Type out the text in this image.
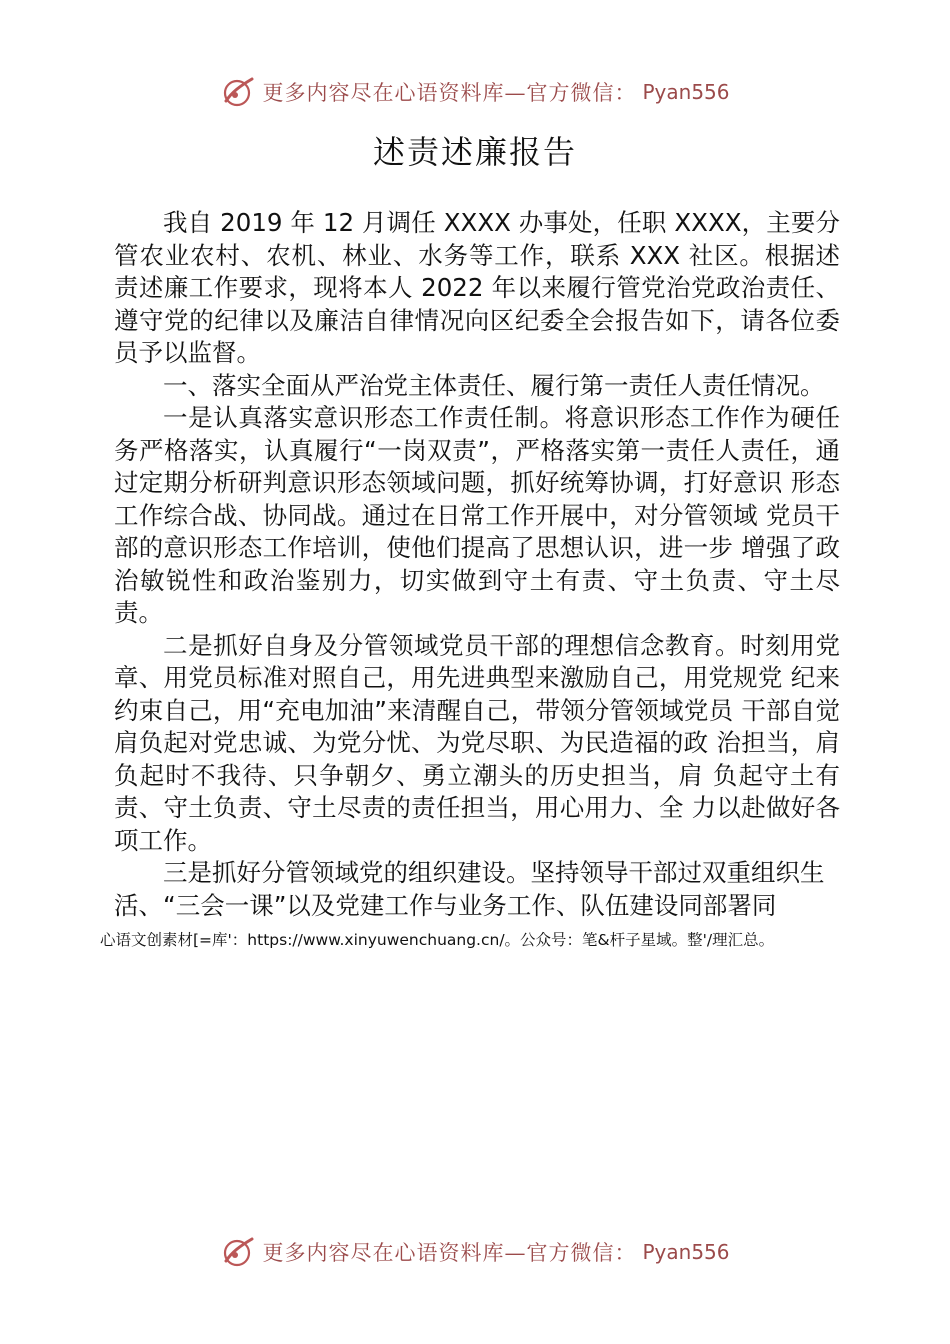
更多内容尽在心语资料库—官方微信： Pyan556
述责述廉报告

我自 2019 年 12 月调任 XXXX 办事处，任职 XXXX，主要分管农业农村、农机、林业、水务等工作，联系 XXX 社区。根据述责述廉工作要求，现将本人 2022 年以来履行管党治党政治责任、遵守党的纪律以及廉洁自律情况向区纪委全会报告如下，请各位委员予以监督。

一、落实全面从严治党主体责任、履行第一责任人责任情况。

一是认真落实意识形态工作责任制。将意识形态工作作为硬任务严格落实，认真履行“一岗双责”，严格落实第一责任人责任，通过定期分析研判意识形态领域问题，抓好统筹协调，打好意识 形态工作综合战、协同战。通过在日常工作开展中，对分管领域 党员干部的意识形态工作培训，使他们提高了思想认识，进一步 增强了政治敏锐性和政治鉴别力，切实做到守土有责、守土负责、守土尽责。

二是抓好自身及分管领域党员干部的理想信念教育。时刻用党章、用党员标准对照自己，用先进典型来激励自己，用党规党 纪来约束自己，用“充电加油”来清醒自己，带领分管领域党员 干部自觉肩负起对党忠诚、为党分忧、为党尽职、为民造福的政 治担当，肩负起时不我待、只争朝夕、勇立潮头的历史担当，肩 负起守土有责、守土负责、守土尽责的责任担当，用心用力、全 力以赴做好各项工作。

三是抓好分管领域党的组织建设。坚持领导干部过双重组织生活、“三会一课”以及党建工作与业务工作、队伍建设同部署同

心语文创素材[=库'：https://www.xinyuwenchuang.cn/。公众号：笔&杆子星域。整'/理汇总。
更多内容尽在心语资料库—官方微信： Pyan556
